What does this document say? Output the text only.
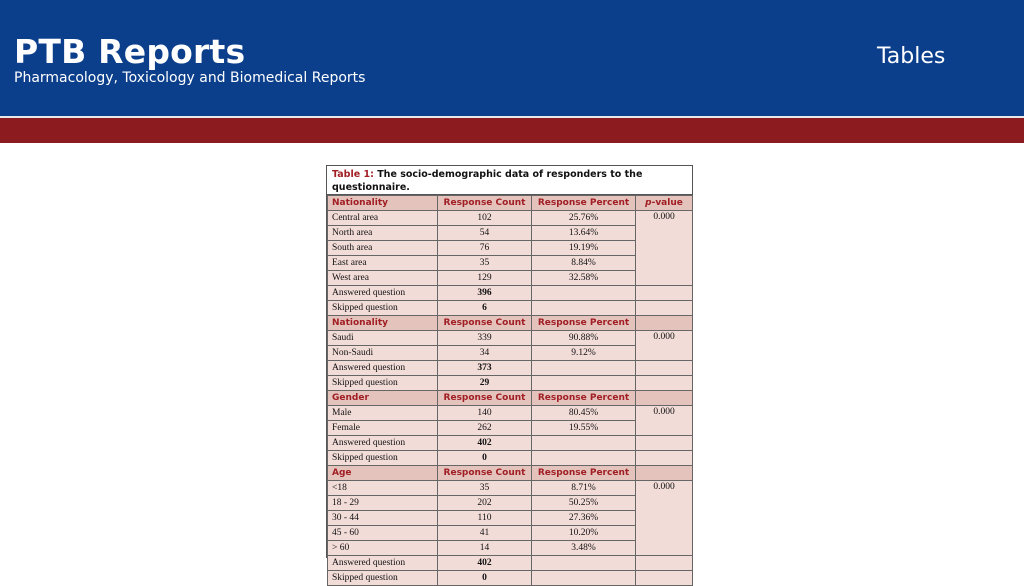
PTB Reports
Pharmacology, Toxicology and Biomedical Reports
Tables
Table 1: The socio-demographic data of responders to the questionnaire.
Nationality	Response Count	Response Percent	p-value
Central area	102	25.76%	0.000
North area	54	13.64%	
South area	76	19.19%	
East area	35	8.84%	
West area	129	32.58%	
Answered question	396		
Skipped question	6		
Nationality	Response Count	Response Percent	
Saudi	339	90.88%	0.000
Non-Saudi	34	9.12%	
Answered question	373		
Skipped question	29		
Gender	Response Count	Response Percent	
Male	140	80.45%	0.000
Female	262	19.55%	
Answered question	402		
Skipped question	0		
Age	Response Count	Response Percent	
<18	35	8.71%	0.000
18 - 29	202	50.25%	
30 - 44	110	27.36%	
45 - 60	41	10.20%	
> 60	14	3.48%	
Answered question	402		
Skipped question	0		
